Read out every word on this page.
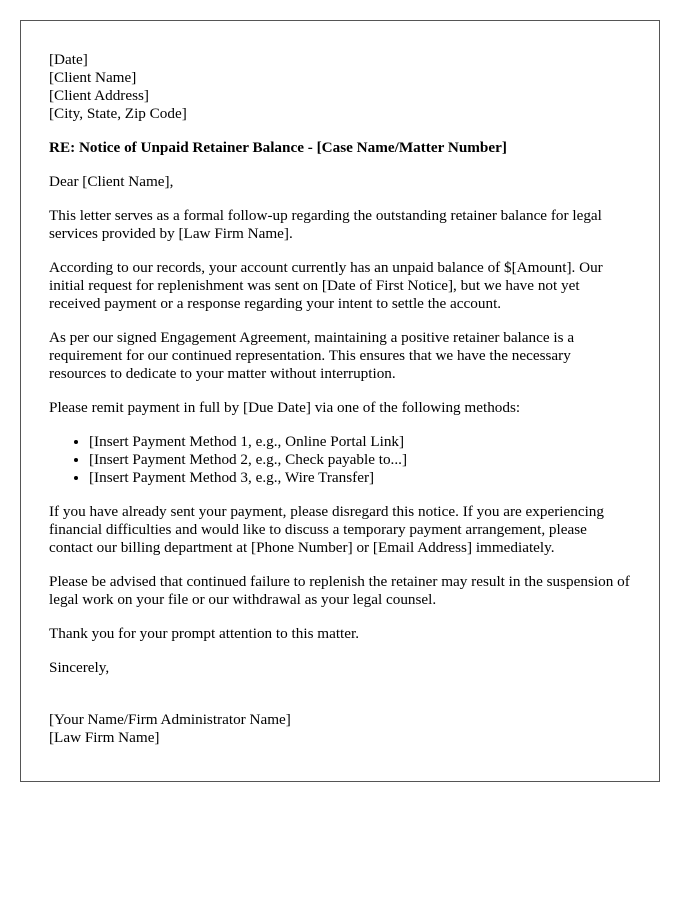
[Date]
[Client Name]
[Client Address]
[City, State, Zip Code]
RE: Notice of Unpaid Retainer Balance - [Case Name/Matter Number]

Dear [Client Name],

This letter serves as a formal follow-up regarding the outstanding retainer balance for legal services provided by [Law Firm Name].

According to our records, your account currently has an unpaid balance of $[Amount]. Our initial request for replenishment was sent on [Date of First Notice], but we have not yet received payment or a response regarding your intent to settle the account.

As per our signed Engagement Agreement, maintaining a positive retainer balance is a requirement for our continued representation. This ensures that we have the necessary resources to dedicate to your matter without interruption.

Please remit payment in full by [Due Date] via one of the following methods:

• [Insert Payment Method 1, e.g., Online Portal Link]
• [Insert Payment Method 2, e.g., Check payable to...]
• [Insert Payment Method 3, e.g., Wire Transfer]

If you have already sent your payment, please disregard this notice. If you are experiencing financial difficulties and would like to discuss a temporary payment arrangement, please contact our billing department at [Phone Number] or [Email Address] immediately.

Please be advised that continued failure to replenish the retainer may result in the suspension of legal work on your file or our withdrawal as your legal counsel.

Thank you for your prompt attention to this matter.

Sincerely,

[Your Name/Firm Administrator Name]
[Law Firm Name]
